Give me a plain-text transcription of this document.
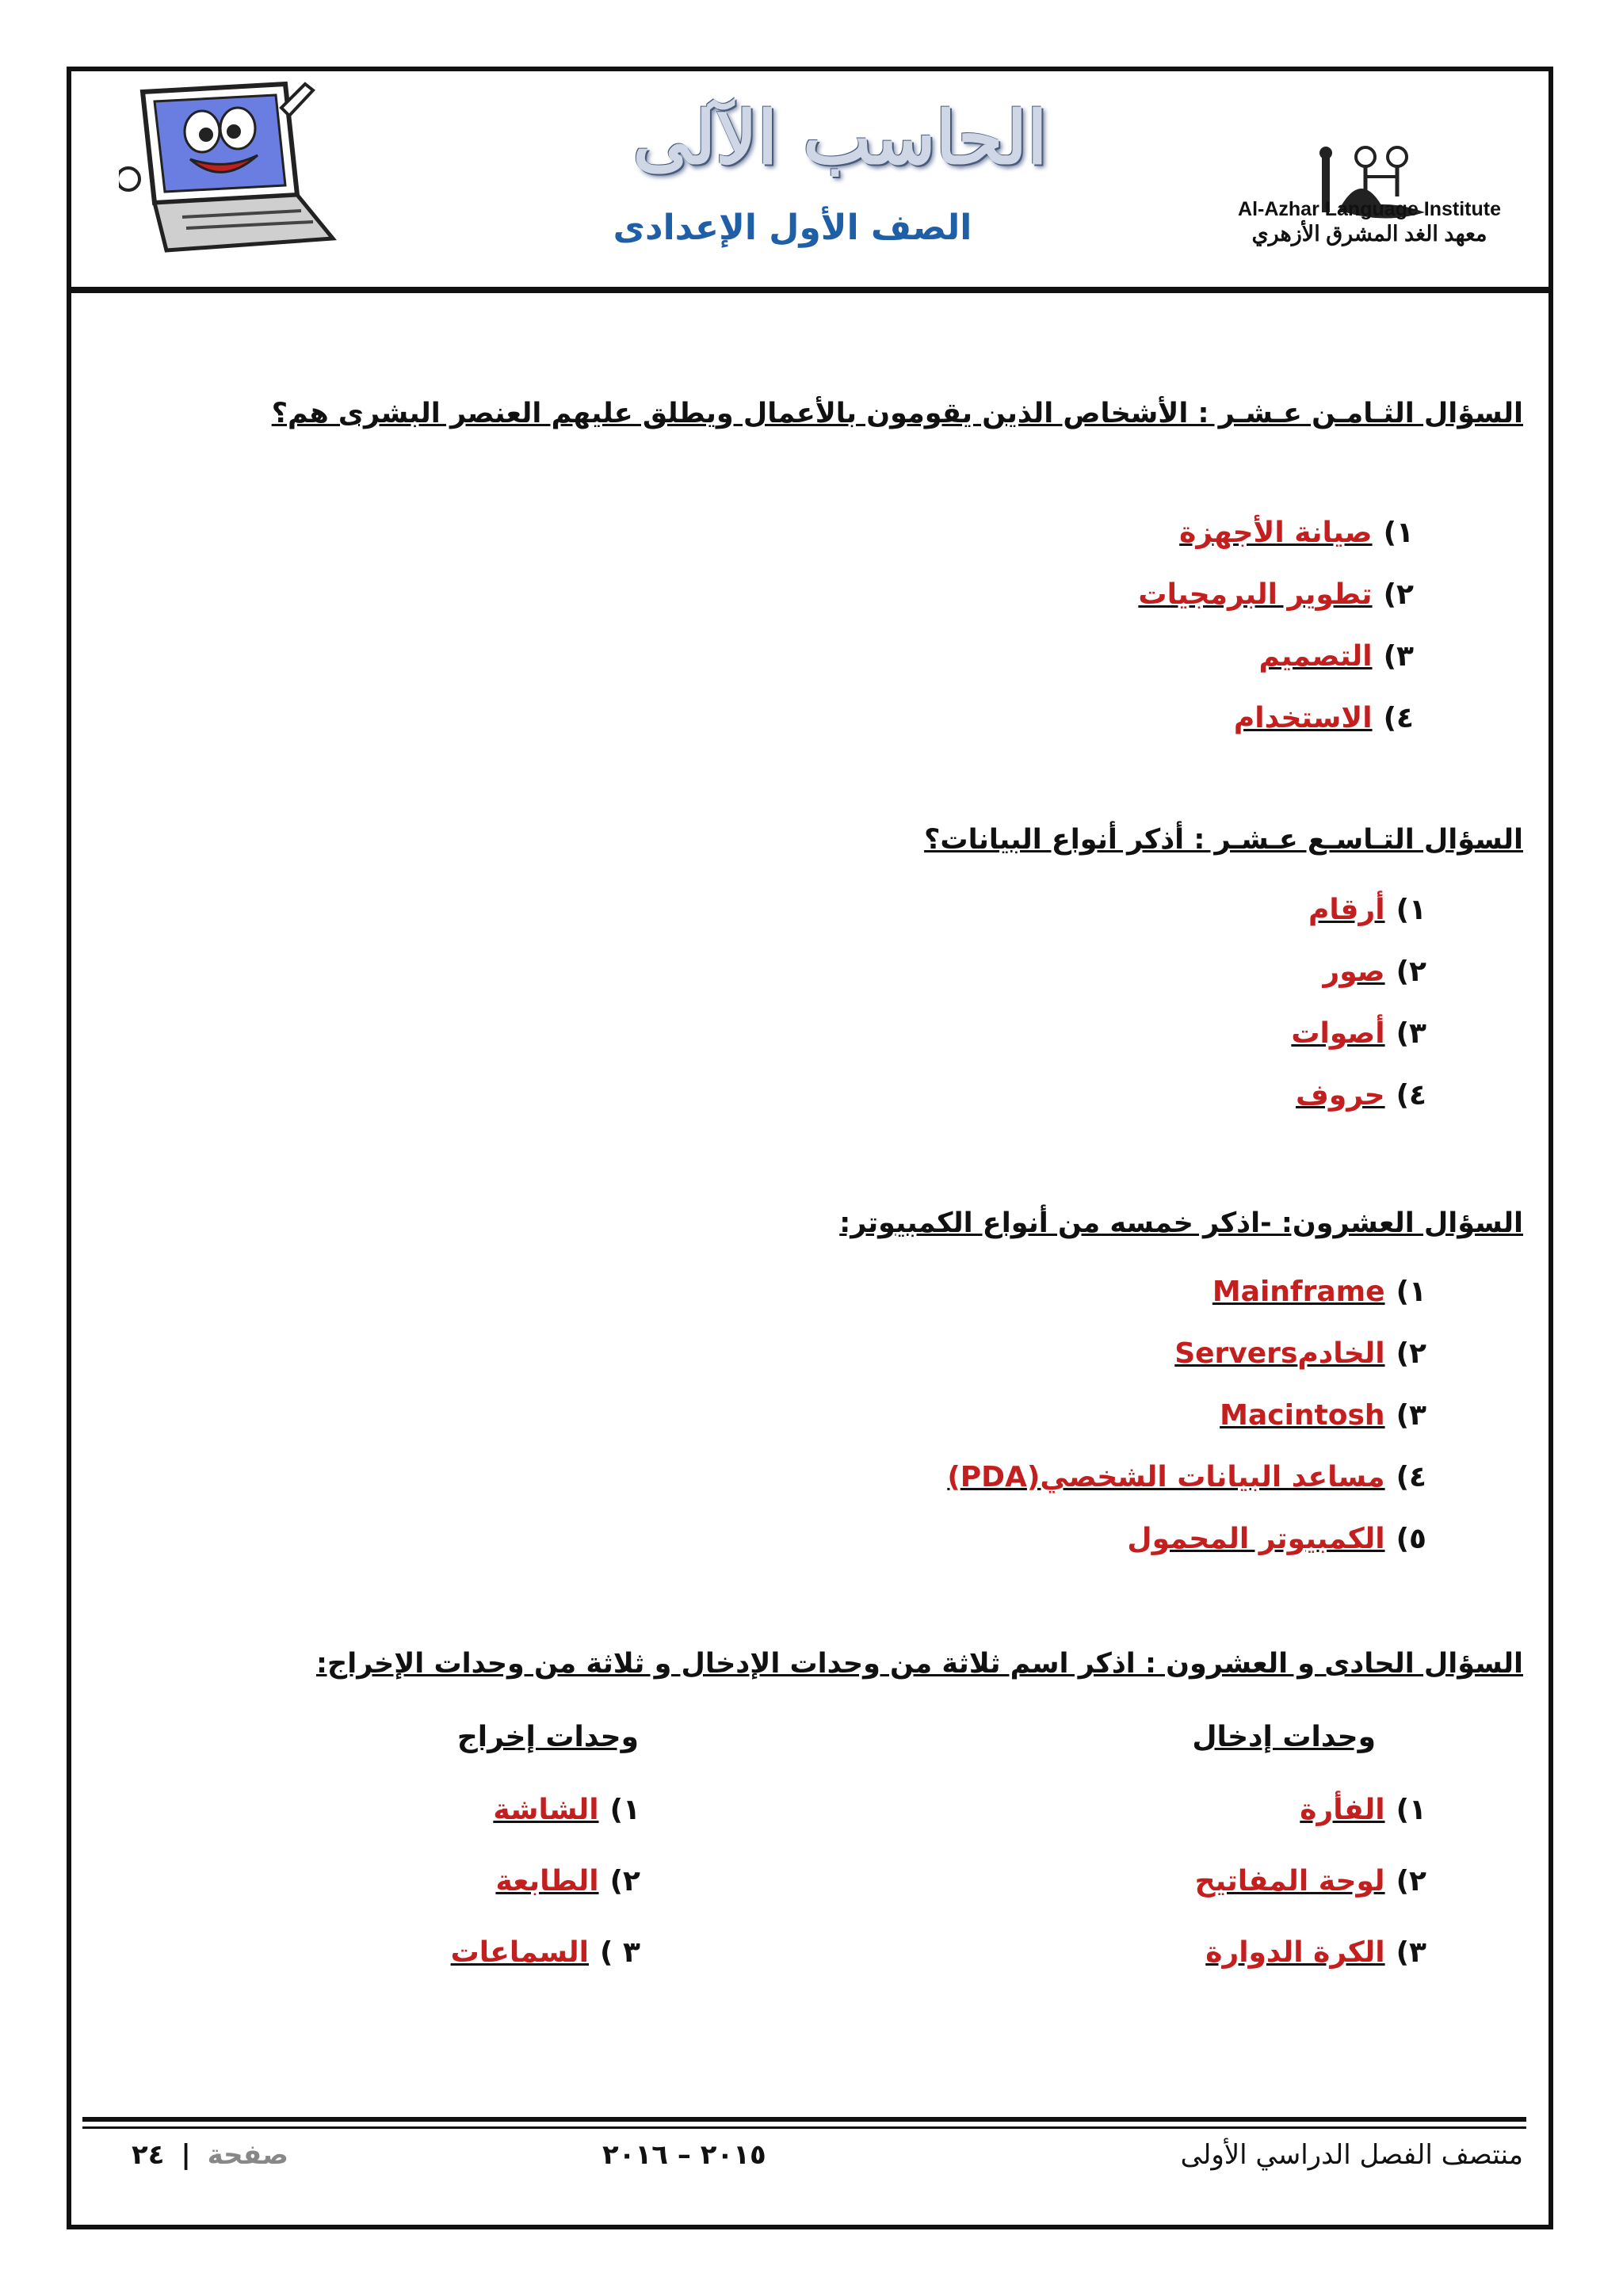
الحاسب الآلى
الصف الأول الإعدادى	Al-Azhar Language Institute
معهد الغد المشرق الأزهري
السؤال الثـامـن عـشـر : الأشخاص الذين يقومون بالأعمال ويطلق عليهم العنصر البشرى هم؟
١)صيانة الأجهزة
٢)تطوير البرمجيات
٣)التصميم
٤)الاستخدام
السؤال التـاسـع عـشـر : أذكر أنواع البيانات؟
١)أرقام
٢)صور
٣)أصوات
٤)حروف
السؤال العشرون: -اذكر خمسه من أنواع الكمبيوتر:
١)Mainframe
٢)الخادمServers
٣)Macintosh
٤)مساعد البيانات الشخصي(PDA)
٥)الكمبيوتر المحمول
السؤال الحادى و العشرون : اذكر اسم ثلاثة من وحدات الإدخال و ثلاثة من وحدات الإخراج:
وحدات إدخال
وحدات إخراج
١)الفأرة
٢)لوحة المفاتيح
٣)الكرة الدوارة
١)الشاشة
٢)الطابعة
٣ )السماعات
منتصف الفصل الدراسي الأولى
٢٠١٥ – ٢٠١٦
صفحة | ٢٤
